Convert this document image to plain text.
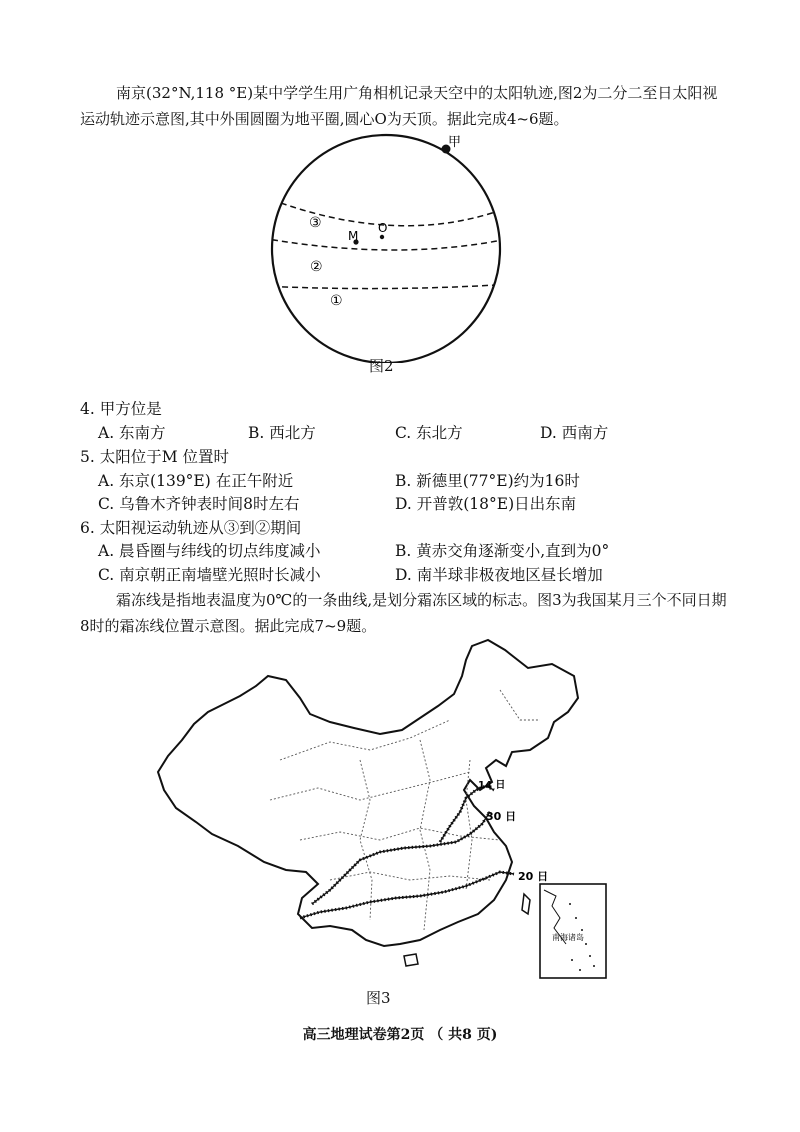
南京(32°N,118 °E)某中学学生用广角相机记录天空中的太阳轨迹,图2为二分二至日太阳视运动轨迹示意图,其中外围圆圈为地平圈,圆心O为天顶。据此完成4~6题。
甲
O
M
③
②
①
图2
4. 甲方位是
A. 东南方	B. 西北方	C. 东北方	D. 西南方
5. 太阳位于M 位置时
A. 东京(139°E) 在正午附近	B. 新德里(77°E)约为16时
C. 乌鲁木齐钟表时间8时左右	D. 开普敦(18°E)日出东南
6. 太阳视运动轨迹从③到②期间
A. 晨昏圈与纬线的切点纬度减小	B. 黄赤交角逐渐变小,直到为0°
C. 南京朝正南墙壁光照时长减小	D. 南半球非极夜地区昼长增加
霜冻线是指地表温度为0℃的一条曲线,是划分霜冻区域的标志。图3为我国某月三个不同日期8时的霜冻线位置示意图。据此完成7~9题。
14 日
30 日
20 日
南海诸岛
图3
高三地理试卷第2页 （ 共8 页)
